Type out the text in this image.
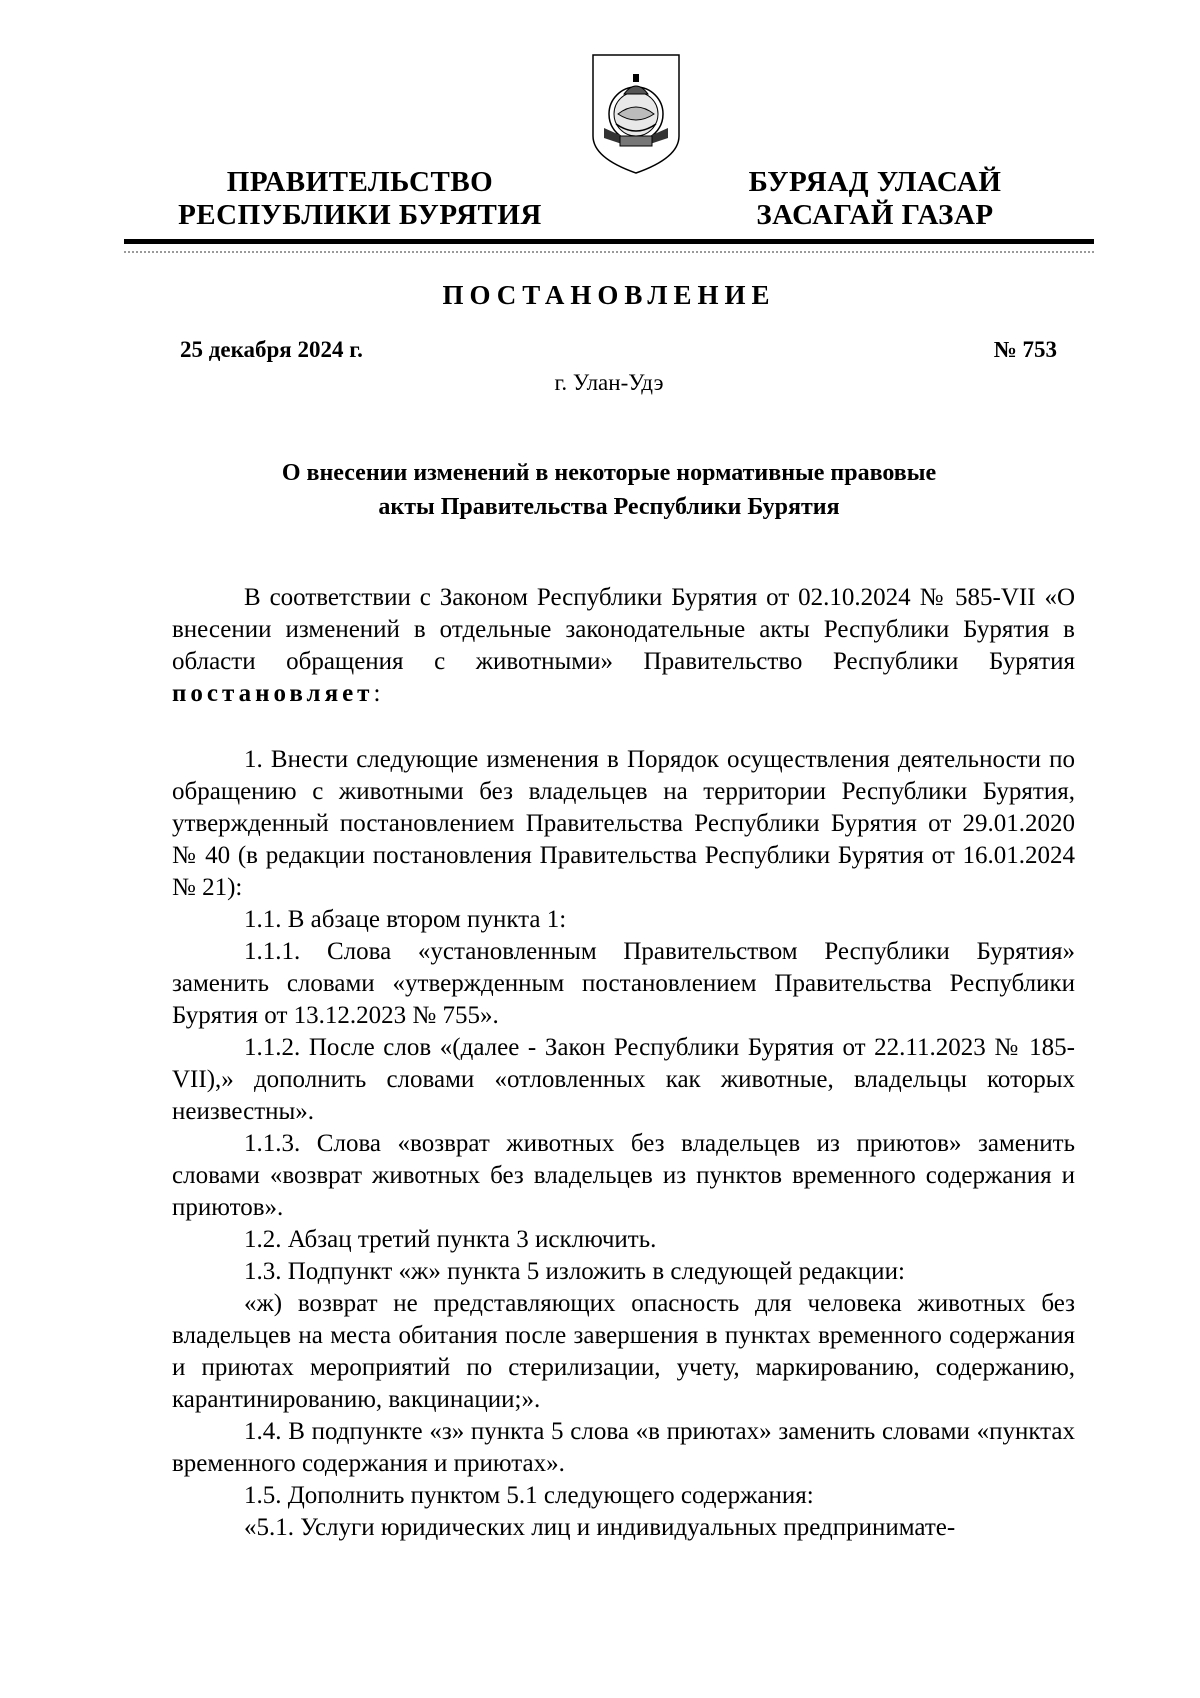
ПРАВИТЕЛЬСТВО
РЕСПУБЛИКИ БУРЯТИЯ
БУРЯАД УЛАСАЙ
ЗАСАГАЙ ГАЗАР
ПОСТАНОВЛЕНИЕ
25 декабря 2024 г.	№ 753
г. Улан-Удэ
О внесении изменений в некоторые нормативные правовые
акты Правительства Республики Бурятия

В соответствии с Законом Республики Бурятия от 02.10.2024 № 585-VII «О внесении изменений в отдельные законодательные акты Республики Бурятия в области обращения с животными» Правительство Республики Бурятия постановляет:

1. Внести следующие изменения в Порядок осуществления деятельности по обращению с животными без владельцев на территории Республики Бурятия, утвержденный постановлением Правительства Республики Бурятия от 29.01.2020 № 40 (в редакции постановления Правительства Республики Бурятия от 16.01.2024 № 21):

1.1. В абзаце втором пункта 1:

1.1.1. Слова «установленным Правительством Республики Бурятия» заменить словами «утвержденным постановлением Правительства Республики Бурятия от 13.12.2023 № 755».

1.1.2. После слов «(далее - Закон Республики Бурятия от 22.11.2023 № 185-VII),» дополнить словами «отловленных как животные, владельцы которых неизвестны».

1.1.3. Слова «возврат животных без владельцев из приютов» заменить словами «возврат животных без владельцев из пунктов временного содержания и приютов».

1.2. Абзац третий пункта 3 исключить.

1.3. Подпункт «ж» пункта 5 изложить в следующей редакции:

«ж) возврат не представляющих опасность для человека животных без владельцев на места обитания после завершения в пунктах временного содержания и приютах мероприятий по стерилизации, учету, маркированию, содержанию, карантинированию, вакцинации;».

1.4. В подпункте «з» пункта 5 слова «в приютах» заменить словами «пунктах временного содержания и приютах».

1.5. Дополнить пунктом 5.1 следующего содержания:

«5.1. Услуги юридических лиц и индивидуальных предпринимате-
